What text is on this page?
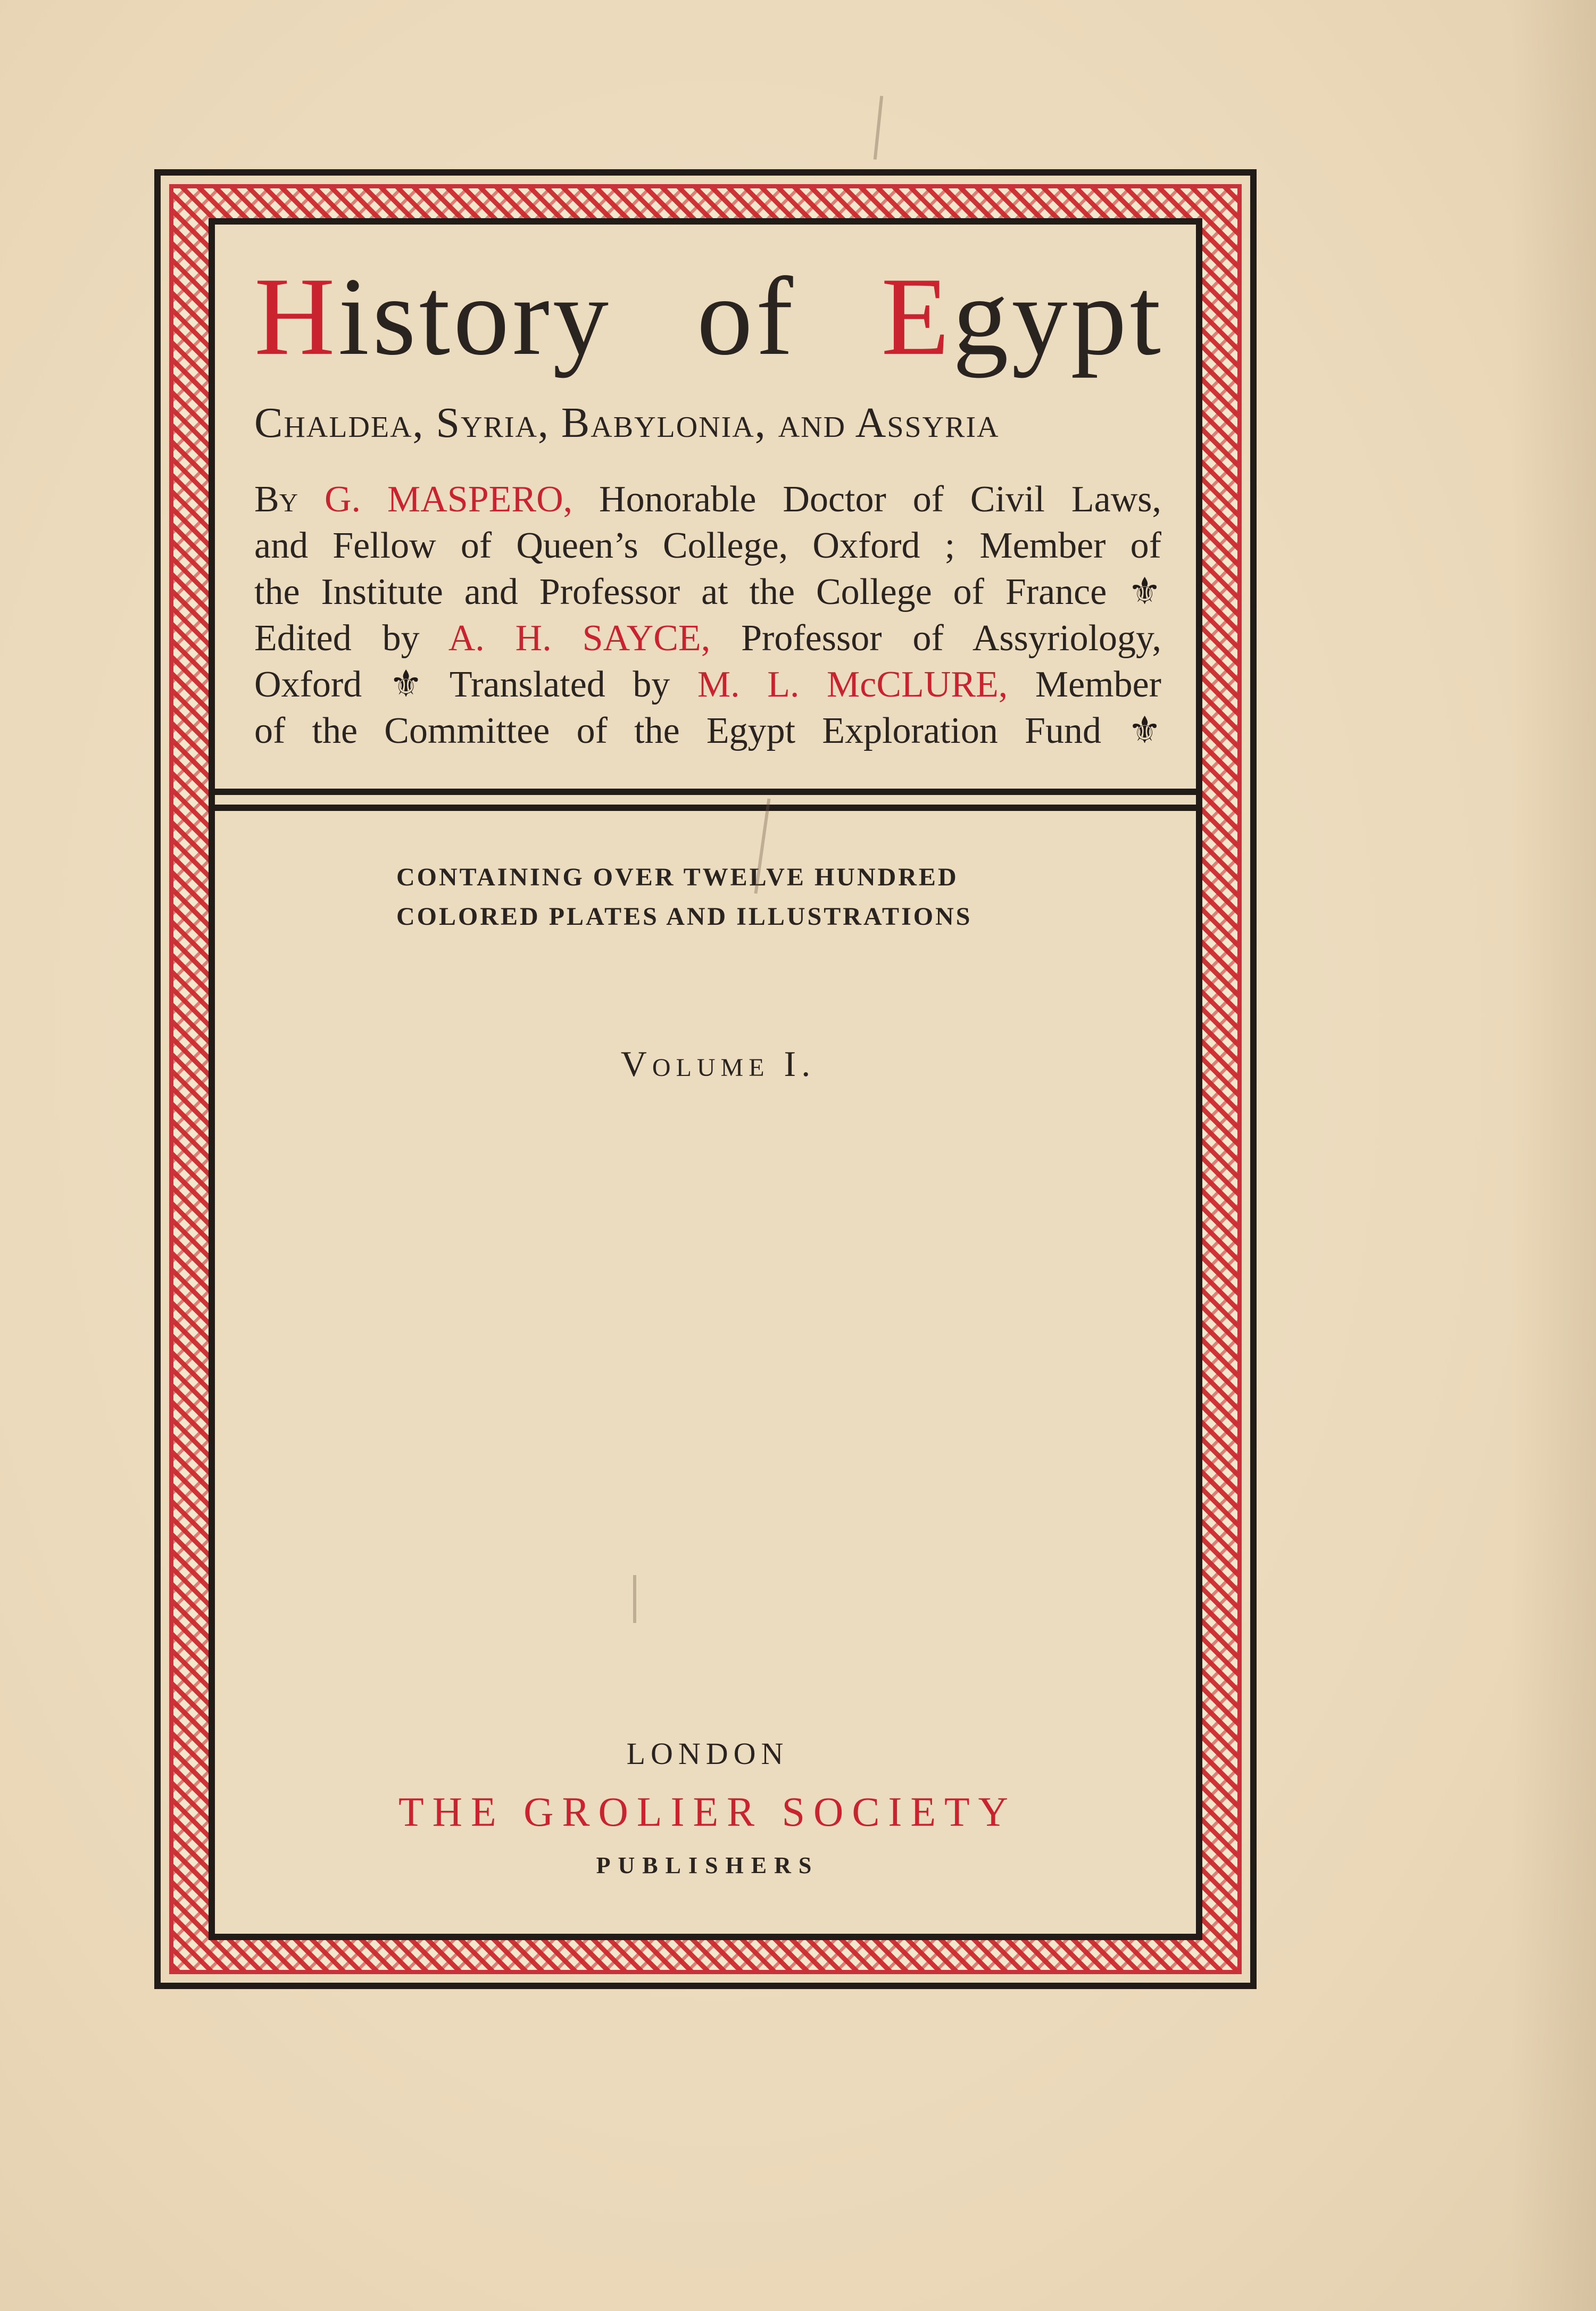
History of Egypt
Chaldea, Syria, Babylonia, and Assyria
By G. MASPERO, Honorable Doctor of Civil Laws,
and Fellow of Queen’s College, Oxford ; Member of
the Institute and Professor at the College of France ⚜
Edited by A. H. SAYCE, Professor of Assyriology,
Oxford ⚜ Translated by M. L. McCLURE, Member
of the Committee of the Egypt Exploration Fund ⚜
CONTAINING OVER TWELVE HUNDRED
COLORED PLATES AND ILLUSTRATIONS
Volume I.
LONDON
THE GROLIER SOCIETY
PUBLISHERS
